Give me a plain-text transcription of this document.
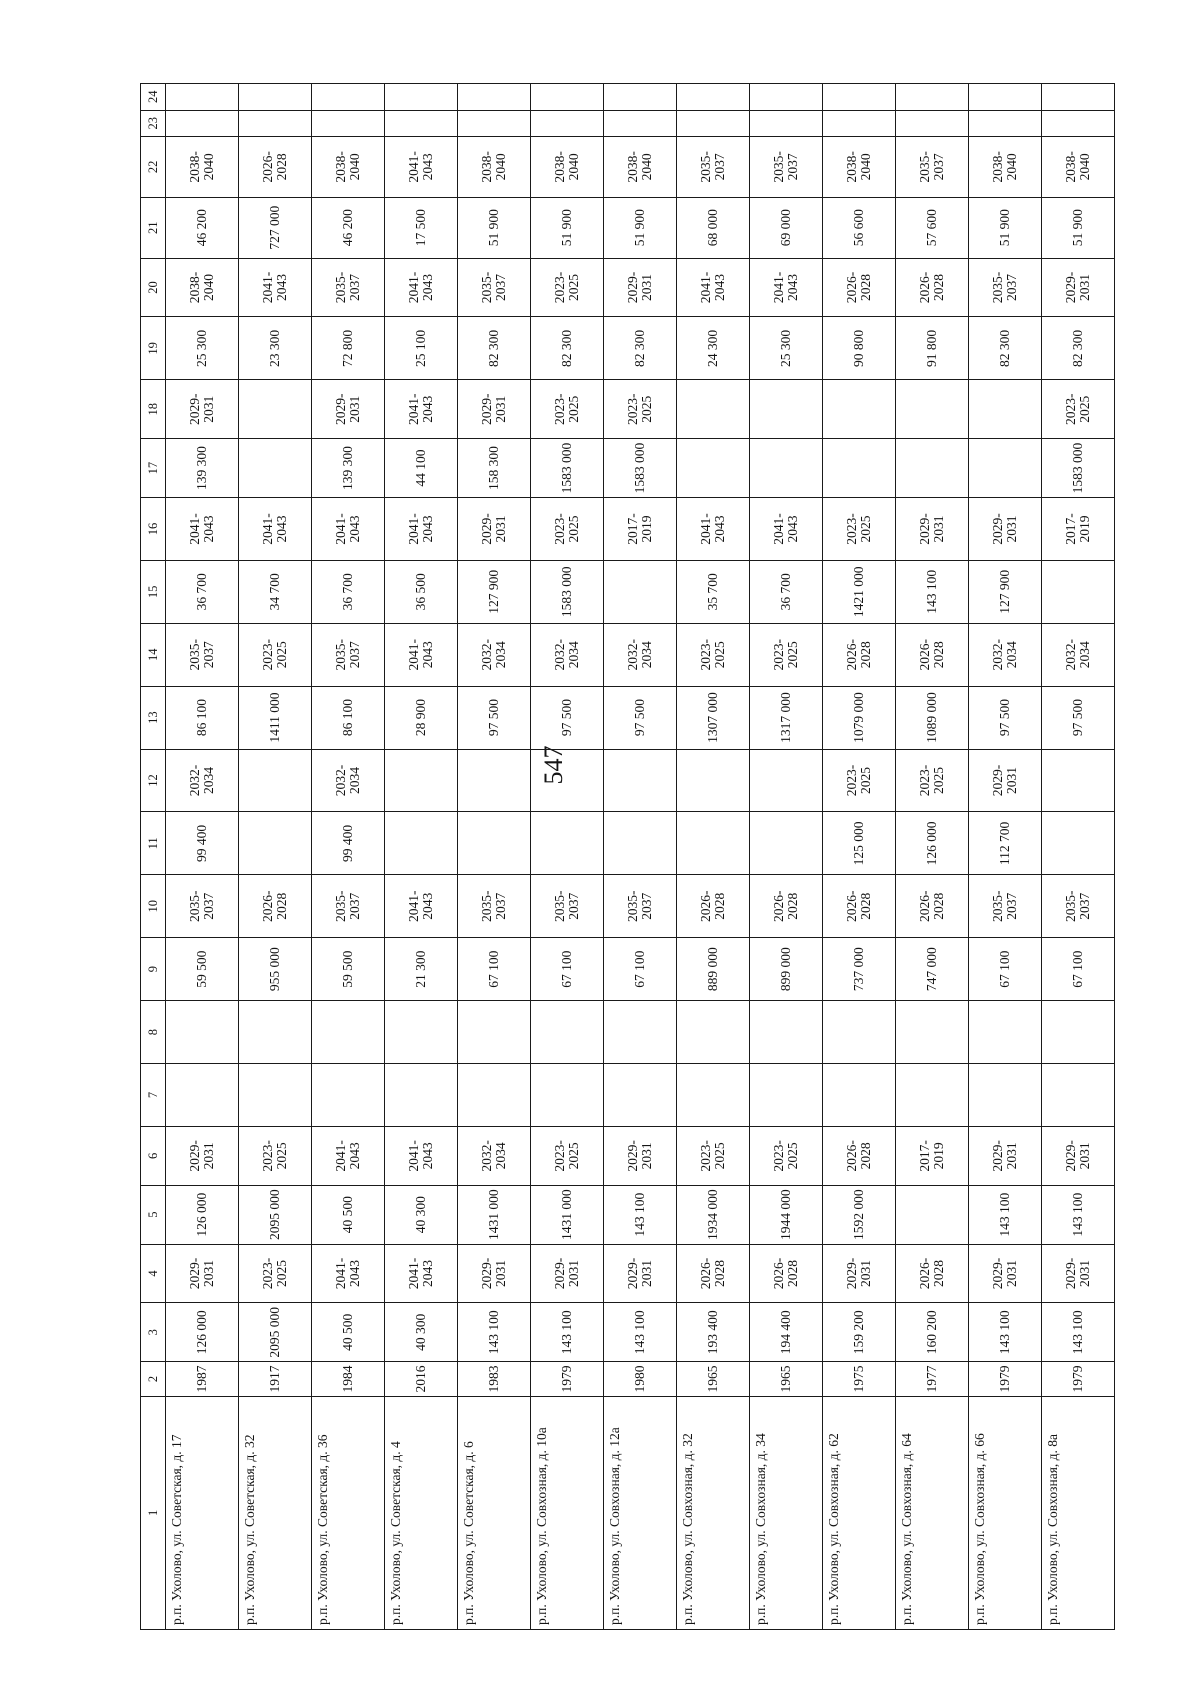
547
1	2	3	4	5	6	7	8	9	10	11	12	13	14	15	16	17	18	19	20	21	22	23	24
р.п. Ухолово, ул. Советская, д. 17	1987	126 000	2029-2031	126 000	2029-2031			59 500	2035-2037	99 400	2032-2034	86 100	2035-2037	36 700	2041-2043	139 300	2029-2031	25 300	2038-2040	46 200	2038-2040		
р.п. Ухолово, ул. Советская, д. 32	1917	2095 000	2023-2025	2095 000	2023-2025			955 000	2026-2028			1411 000	2023-2025	34 700	2041-2043			23 300	2041-2043	727 000	2026-2028		
р.п. Ухолово, ул. Советская, д. 36	1984	40 500	2041-2043	40 500	2041-2043			59 500	2035-2037	99 400	2032-2034	86 100	2035-2037	36 700	2041-2043	139 300	2029-2031	72 800	2035-2037	46 200	2038-2040		
р.п. Ухолово, ул. Советская, д. 4	2016	40 300	2041-2043	40 300	2041-2043			21 300	2041-2043			28 900	2041-2043	36 500	2041-2043	44 100	2041-2043	25 100	2041-2043	17 500	2041-2043		
р.п. Ухолово, ул. Советская, д. 6	1983	143 100	2029-2031	1431 000	2032-2034			67 100	2035-2037			97 500	2032-2034	127 900	2029-2031	158 300	2029-2031	82 300	2035-2037	51 900	2038-2040		
р.п. Ухолово, ул. Совхозная, д. 10а	1979	143 100	2029-2031	1431 000	2023-2025			67 100	2035-2037			97 500	2032-2034	1583 000	2023-2025	1583 000	2023-2025	82 300	2023-2025	51 900	2038-2040		
р.п. Ухолово, ул. Совхозная, д. 12а	1980	143 100	2029-2031	143 100	2029-2031			67 100	2035-2037			97 500	2032-2034		2017-2019	1583 000	2023-2025	82 300	2029-2031	51 900	2038-2040		
р.п. Ухолово, ул. Совхозная, д. 32	1965	193 400	2026-2028	1934 000	2023-2025			889 000	2026-2028			1307 000	2023-2025	35 700	2041-2043			24 300	2041-2043	68 000	2035-2037		
р.п. Ухолово, ул. Совхозная, д. 34	1965	194 400	2026-2028	1944 000	2023-2025			899 000	2026-2028			1317 000	2023-2025	36 700	2041-2043			25 300	2041-2043	69 000	2035-2037		
р.п. Ухолово, ул. Совхозная, д. 62	1975	159 200	2029-2031	1592 000	2026-2028			737 000	2026-2028	125 000	2023-2025	1079 000	2026-2028	1421 000	2023-2025			90 800	2026-2028	56 600	2038-2040		
р.п. Ухолово, ул. Совхозная, д. 64	1977	160 200	2026-2028		2017-2019			747 000	2026-2028	126 000	2023-2025	1089 000	2026-2028	143 100	2029-2031			91 800	2026-2028	57 600	2035-2037		
р.п. Ухолово, ул. Совхозная, д. 66	1979	143 100	2029-2031	143 100	2029-2031			67 100	2035-2037	112 700	2029-2031	97 500	2032-2034	127 900	2029-2031			82 300	2035-2037	51 900	2038-2040		
р.п. Ухолово, ул. Совхозная, д. 8а	1979	143 100	2029-2031	143 100	2029-2031			67 100	2035-2037			97 500	2032-2034		2017-2019	1583 000	2023-2025	82 300	2029-2031	51 900	2038-2040		
